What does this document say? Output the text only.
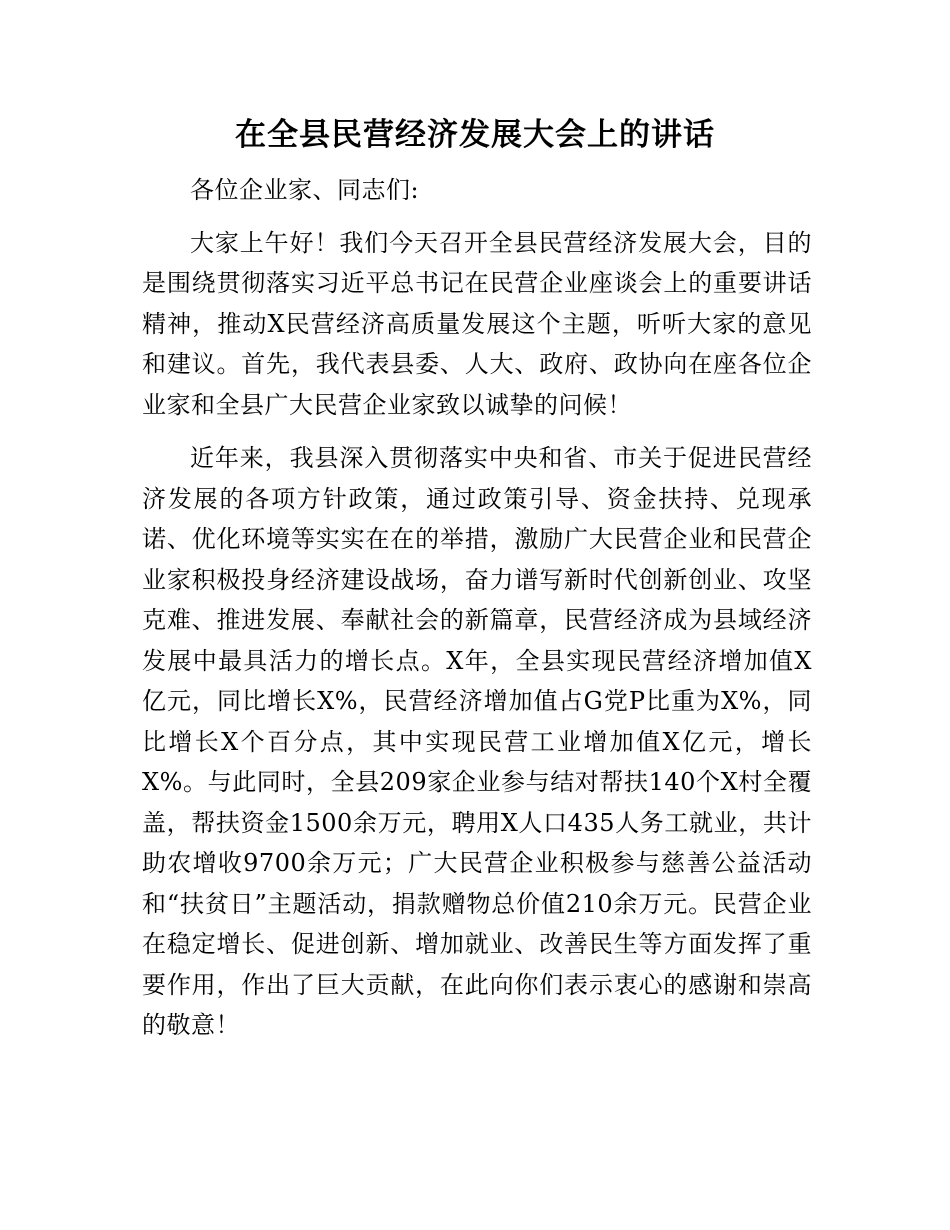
在全县民营经济发展大会上的讲话

各位企业家、同志们:

大家上午好！我们今天召开全县民营经济发展大会，目的是围绕贯彻落实习近平总书记在民营企业座谈会上的重要讲话精神，推动X民营经济高质量发展这个主题，听听大家的意见和建议。首先，我代表县委、人大、政府、政协向在座各位企业家和全县广大民营企业家致以诚挚的问候！

近年来，我县深入贯彻落实中央和省、市关于促进民营经济发展的各项方针政策，通过政策引导、资金扶持、兑现承诺、优化环境等实实在在的举措，激励广大民营企业和民营企业家积极投身经济建设战场，奋力谱写新时代创新创业、攻坚克难、推进发展、奉献社会的新篇章，民营经济成为县域经济发展中最具活力的增长点。X年，全县实现民营经济增加值X亿元，同比增长X%，民营经济增加值占G党P比重为X%，同比增长X个百分点，其中实现民营工业增加值X亿元，增长X%。与此同时，全县209家企业参与结对帮扶140个X村全覆盖，帮扶资金1500余万元，聘用X人口435人务工就业，共计助农增收9700余万元；广大民营企业积极参与慈善公益活动和“扶贫日”主题活动，捐款赠物总价值210余万元。民营企业在稳定增长、促进创新、增加就业、改善民生等方面发挥了重要作用，作出了巨大贡献，在此向你们表示衷心的感谢和崇高的敬意！
